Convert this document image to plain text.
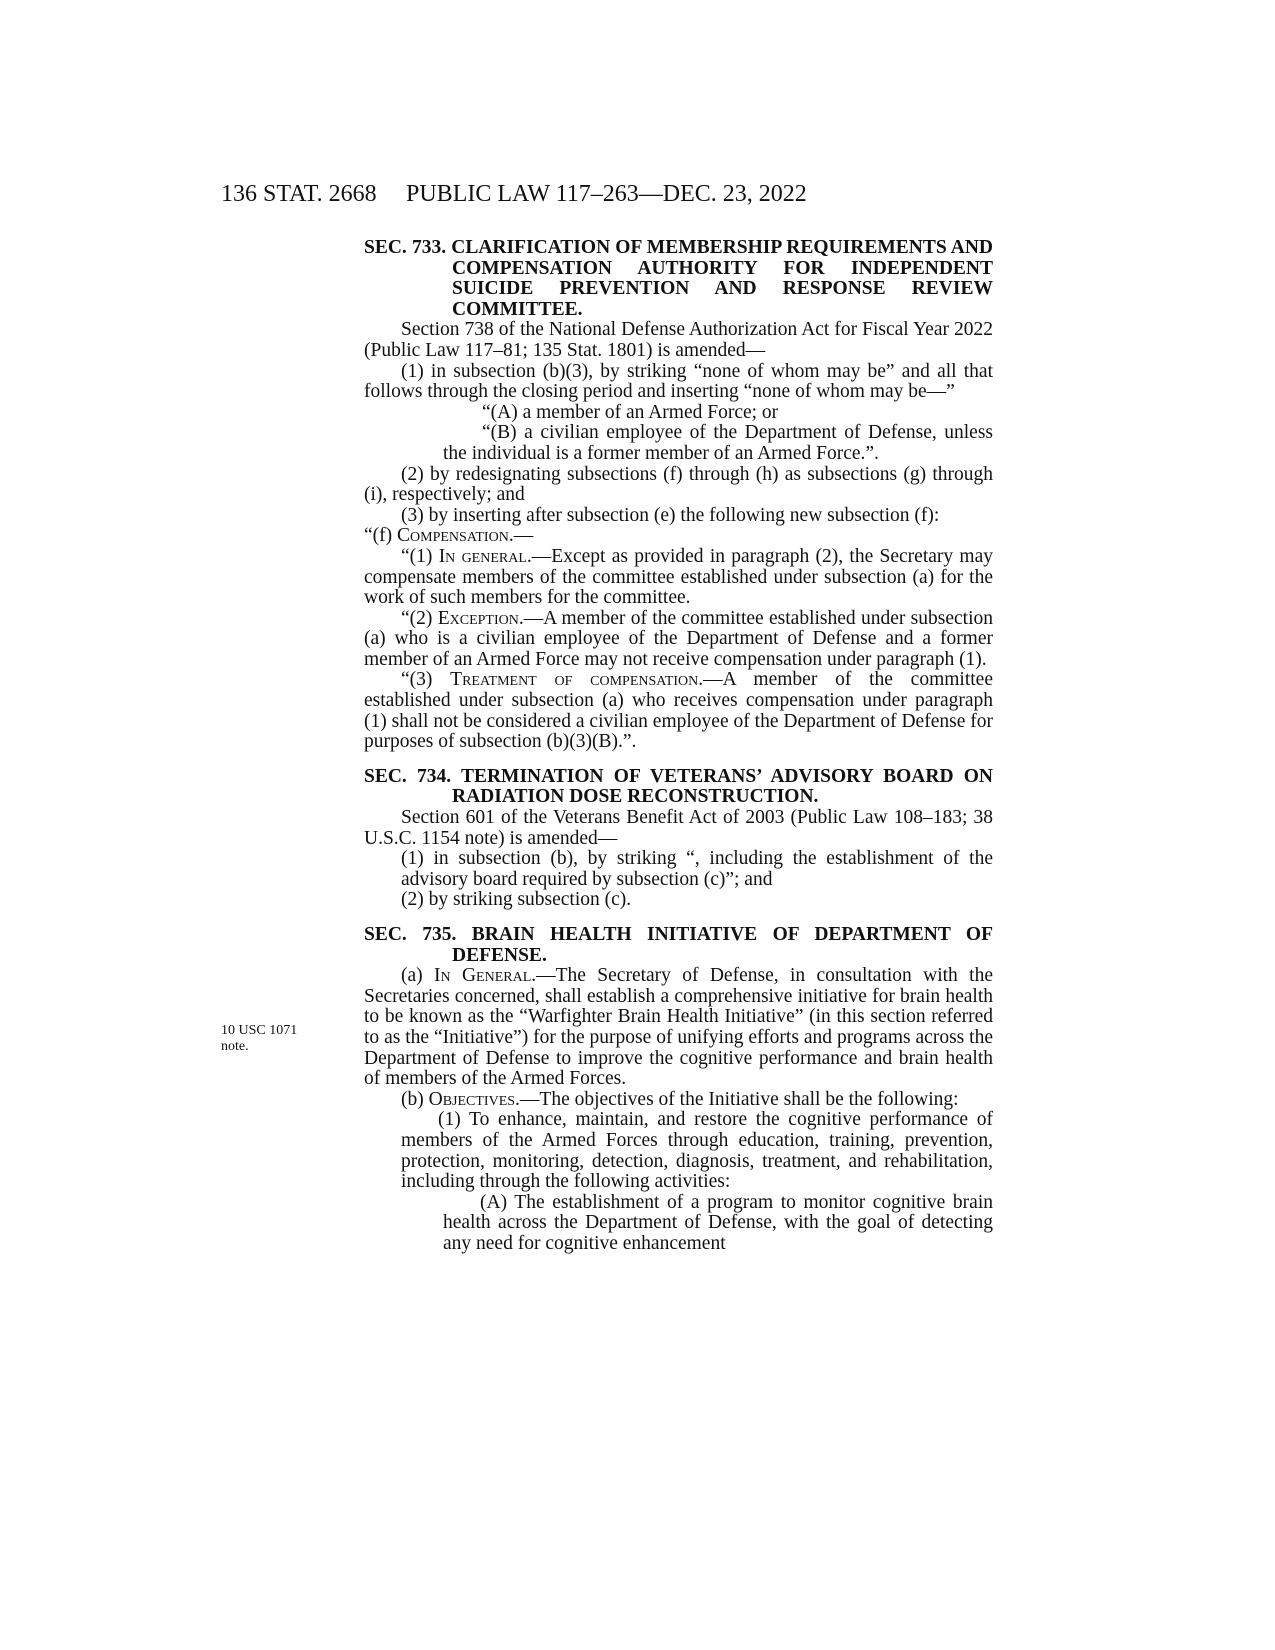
136 STAT. 2668 PUBLIC LAW 117–263—DEC. 23, 2022
10 USC 1071
note.

SEC. 733. CLARIFICATION OF MEMBERSHIP REQUIREMENTS AND COMPENSATION AUTHORITY FOR INDEPENDENT SUICIDE PREVENTION AND RESPONSE REVIEW COMMITTEE.

Section 738 of the National Defense Authorization Act for Fiscal Year 2022 (Public Law 117–81; 135 Stat. 1801) is amended—

(1) in subsection (b)(3), by striking “none of whom may be” and all that follows through the closing period and inserting “none of whom may be—”

“(A) a member of an Armed Force; or

“(B) a civilian employee of the Department of Defense, unless the individual is a former member of an Armed Force.”.

(2) by redesignating subsections (f) through (h) as subsections (g) through (i), respectively; and

(3) by inserting after subsection (e) the following new subsection (f):

“(f) Compensation.—

“(1) In general.—Except as provided in paragraph (2), the Secretary may compensate members of the committee established under subsection (a) for the work of such members for the committee.

“(2) Exception.—A member of the committee established under subsection (a) who is a civilian employee of the Department of Defense and a former member of an Armed Force may not receive compensation under paragraph (1).

“(3) Treatment of compensation.—A member of the committee established under subsection (a) who receives compensation under paragraph (1) shall not be considered a civilian employee of the Department of Defense for purposes of subsection (b)(3)(B).”.

SEC. 734. TERMINATION OF VETERANS’ ADVISORY BOARD ON RADIATION DOSE RECONSTRUCTION.

Section 601 of the Veterans Benefit Act of 2003 (Public Law 108–183; 38 U.S.C. 1154 note) is amended—

(1) in subsection (b), by striking “, including the establishment of the advisory board required by subsection (c)”; and

(2) by striking subsection (c).

SEC. 735. BRAIN HEALTH INITIATIVE OF DEPARTMENT OF DEFENSE.

(a) In General.—The Secretary of Defense, in consultation with the Secretaries concerned, shall establish a comprehensive initiative for brain health to be known as the “Warfighter Brain Health Initiative” (in this section referred to as the “Initiative”) for the purpose of unifying efforts and programs across the Department of Defense to improve the cognitive performance and brain health of members of the Armed Forces.

(b) Objectives.—The objectives of the Initiative shall be the following:

(1) To enhance, maintain, and restore the cognitive performance of members of the Armed Forces through education, training, prevention, protection, monitoring, detection, diagnosis, treatment, and rehabilitation, including through the following activities:

(A) The establishment of a program to monitor cognitive brain health across the Department of Defense, with the goal of detecting any need for cognitive enhancement
